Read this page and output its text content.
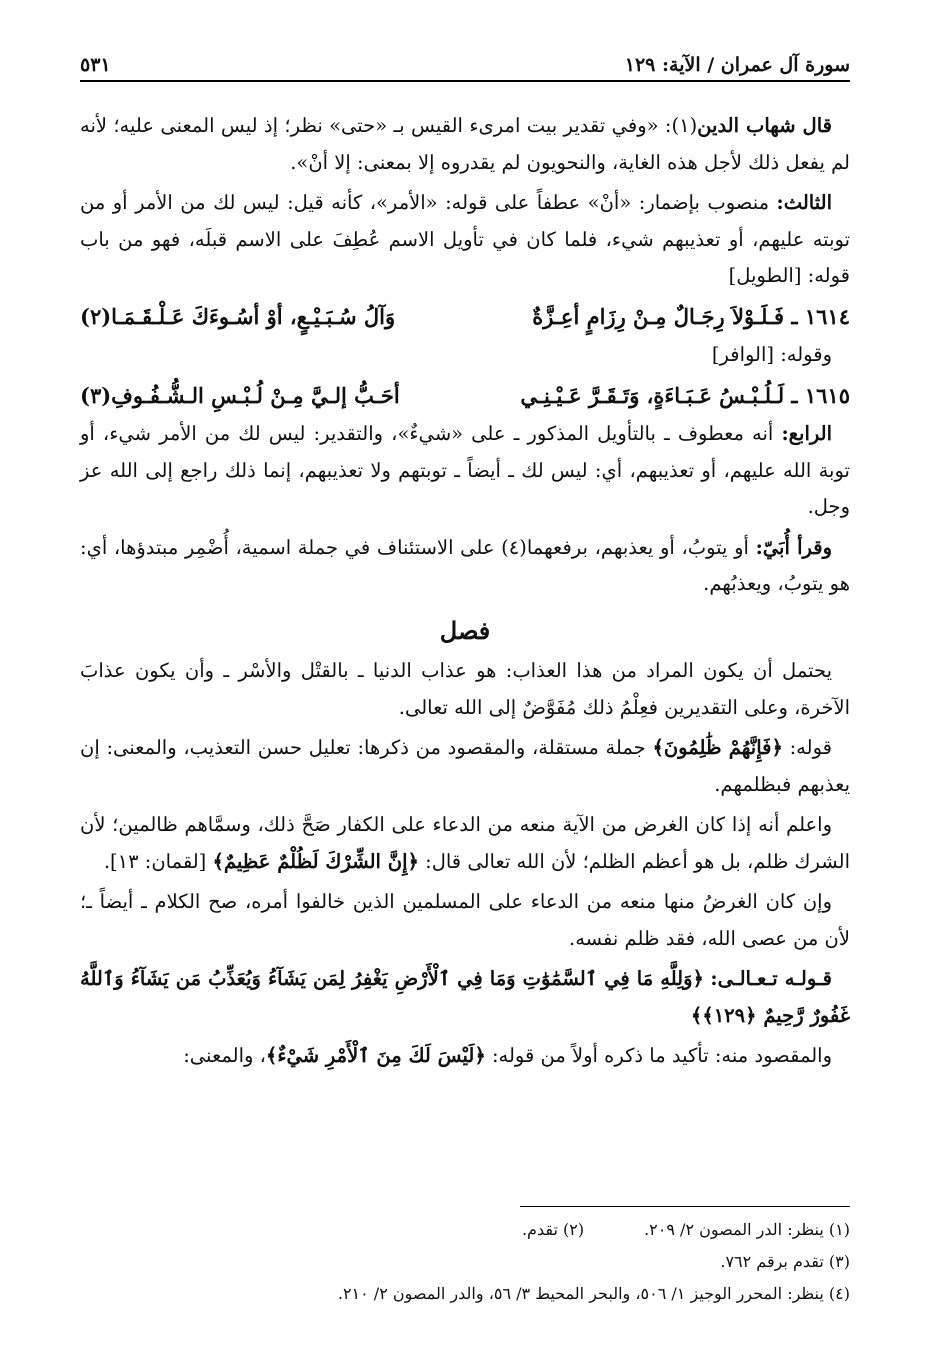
سورة آل عمران / الآية: ١٢٩
٥٣١

قال شهاب الدين(١): «وفي تقدير بيت امرىء القيس بـ «حتى» نظر؛ إذ ليس المعنى عليه؛ لأنه لم يفعل ذلك لأجل هذه الغاية، والنحويون لم يقدروه إلا بمعنى: إلا أنْ».

الثالث: منصوب بإضمار: «أنْ» عطفاً على قوله: «الأمر»، كأنه قيل: ليس لك من الأمر أو من توبته عليهم، أو تعذيبهم شيء، فلما كان في تأويل الاسم عُطِفَ على الاسم قبلَه، فهو من باب قوله: [الطويل]

١٦١٤ ـ فَـلَـوْلاَ رِجَـالٌ مِـنْ رِزَامٍ أعِـزَّةٌ
وَآلُ سُـبَـيْـعٍ، أوْ أسُـوءَكَ عَـلْـقَـمَـا(٢)

وقوله: [الوافر]

١٦١٥ ـ لَـلُـبْـسُ عَـبَـاءَةٍ، وَتَـقَـرَّ عَـيْـنِـي
أحَـبُّ إلـيَّ مِـنْ لُـبْـسِ الـشُّـفُـوفِ(٣)

الرابع: أنه معطوف ـ بالتأويل المذكور ـ على «شيءٌ»، والتقدير: ليس لك من الأمر شيء، أو توبة الله عليهم، أو تعذيبهم، أي: ليس لك ـ أيضاً ـ توبتهم ولا تعذيبهم، إنما ذلك راجع إلى الله عز وجل.

وقرأ أُبَيّ: أو يتوبُ، أو يعذبهم، برفعهما(٤) على الاستئناف في جملة اسمية، أُضْمِر مبتدؤها، أي: هو يتوبُ، ويعذبُهم.

فصل

يحتمل أن يكون المراد من هذا العذاب: هو عذاب الدنيا ـ بالقتْل والأسْر ـ وأن يكون عذابَ الآخرة، وعلى التقديرين فعِلْمُ ذلك مُفَوَّضٌ إلى الله تعالى.

قوله: ﴿فَإِنَّهُمْ ظَٰلِمُونَ﴾ جملة مستقلة، والمقصود من ذكرها: تعليل حسن التعذيب، والمعنى: إن يعذبهم فبظلمهم.

واعلم أنه إذا كان الغرض من الآية منعه من الدعاء على الكفار صَحَّ ذلك، وسمَّاهم ظالمين؛ لأن الشرك ظلم، بل هو أعظم الظلم؛ لأن الله تعالى قال: ﴿إِنَّ الشِّرْكَ لَظُلْمٌ عَظِيمٌ﴾ [لقمان: ١٣].

وإن كان الغرضُ منها منعه من الدعاء على المسلمين الذين خالفوا أمره، صح الكلام ـ أيضاً ـ؛ لأن من عصى الله، فقد ظلم نفسه.

قـولـه تـعـالـى: ﴿وَلِلَّهِ مَا فِي ٱلسَّمَٰوَٰتِ وَمَا فِي ٱلْأَرْضِ يَغْفِرُ لِمَن يَشَآءُ وَيُعَذِّبُ مَن يَشَآءُ وَٱللَّهُ غَفُورٌ رَّحِيمٌ ﴿١٢٩﴾﴾

والمقصود منه: تأكيد ما ذكره أولاً من قوله: ﴿لَيْسَ لَكَ مِنَ ٱلْأَمْرِ شَيْءٌ﴾، والمعنى:

(١) ينظر: الدر المصون ٢/ ٢٠٩.
(٢) تقدم.
(٣) تقدم برقم ٧٦٢.
(٤) ينظر: المحرر الوجيز ١/ ٥٠٦، والبحر المحيط ٣/ ٥٦، والدر المصون ٢/ ٢١٠.
